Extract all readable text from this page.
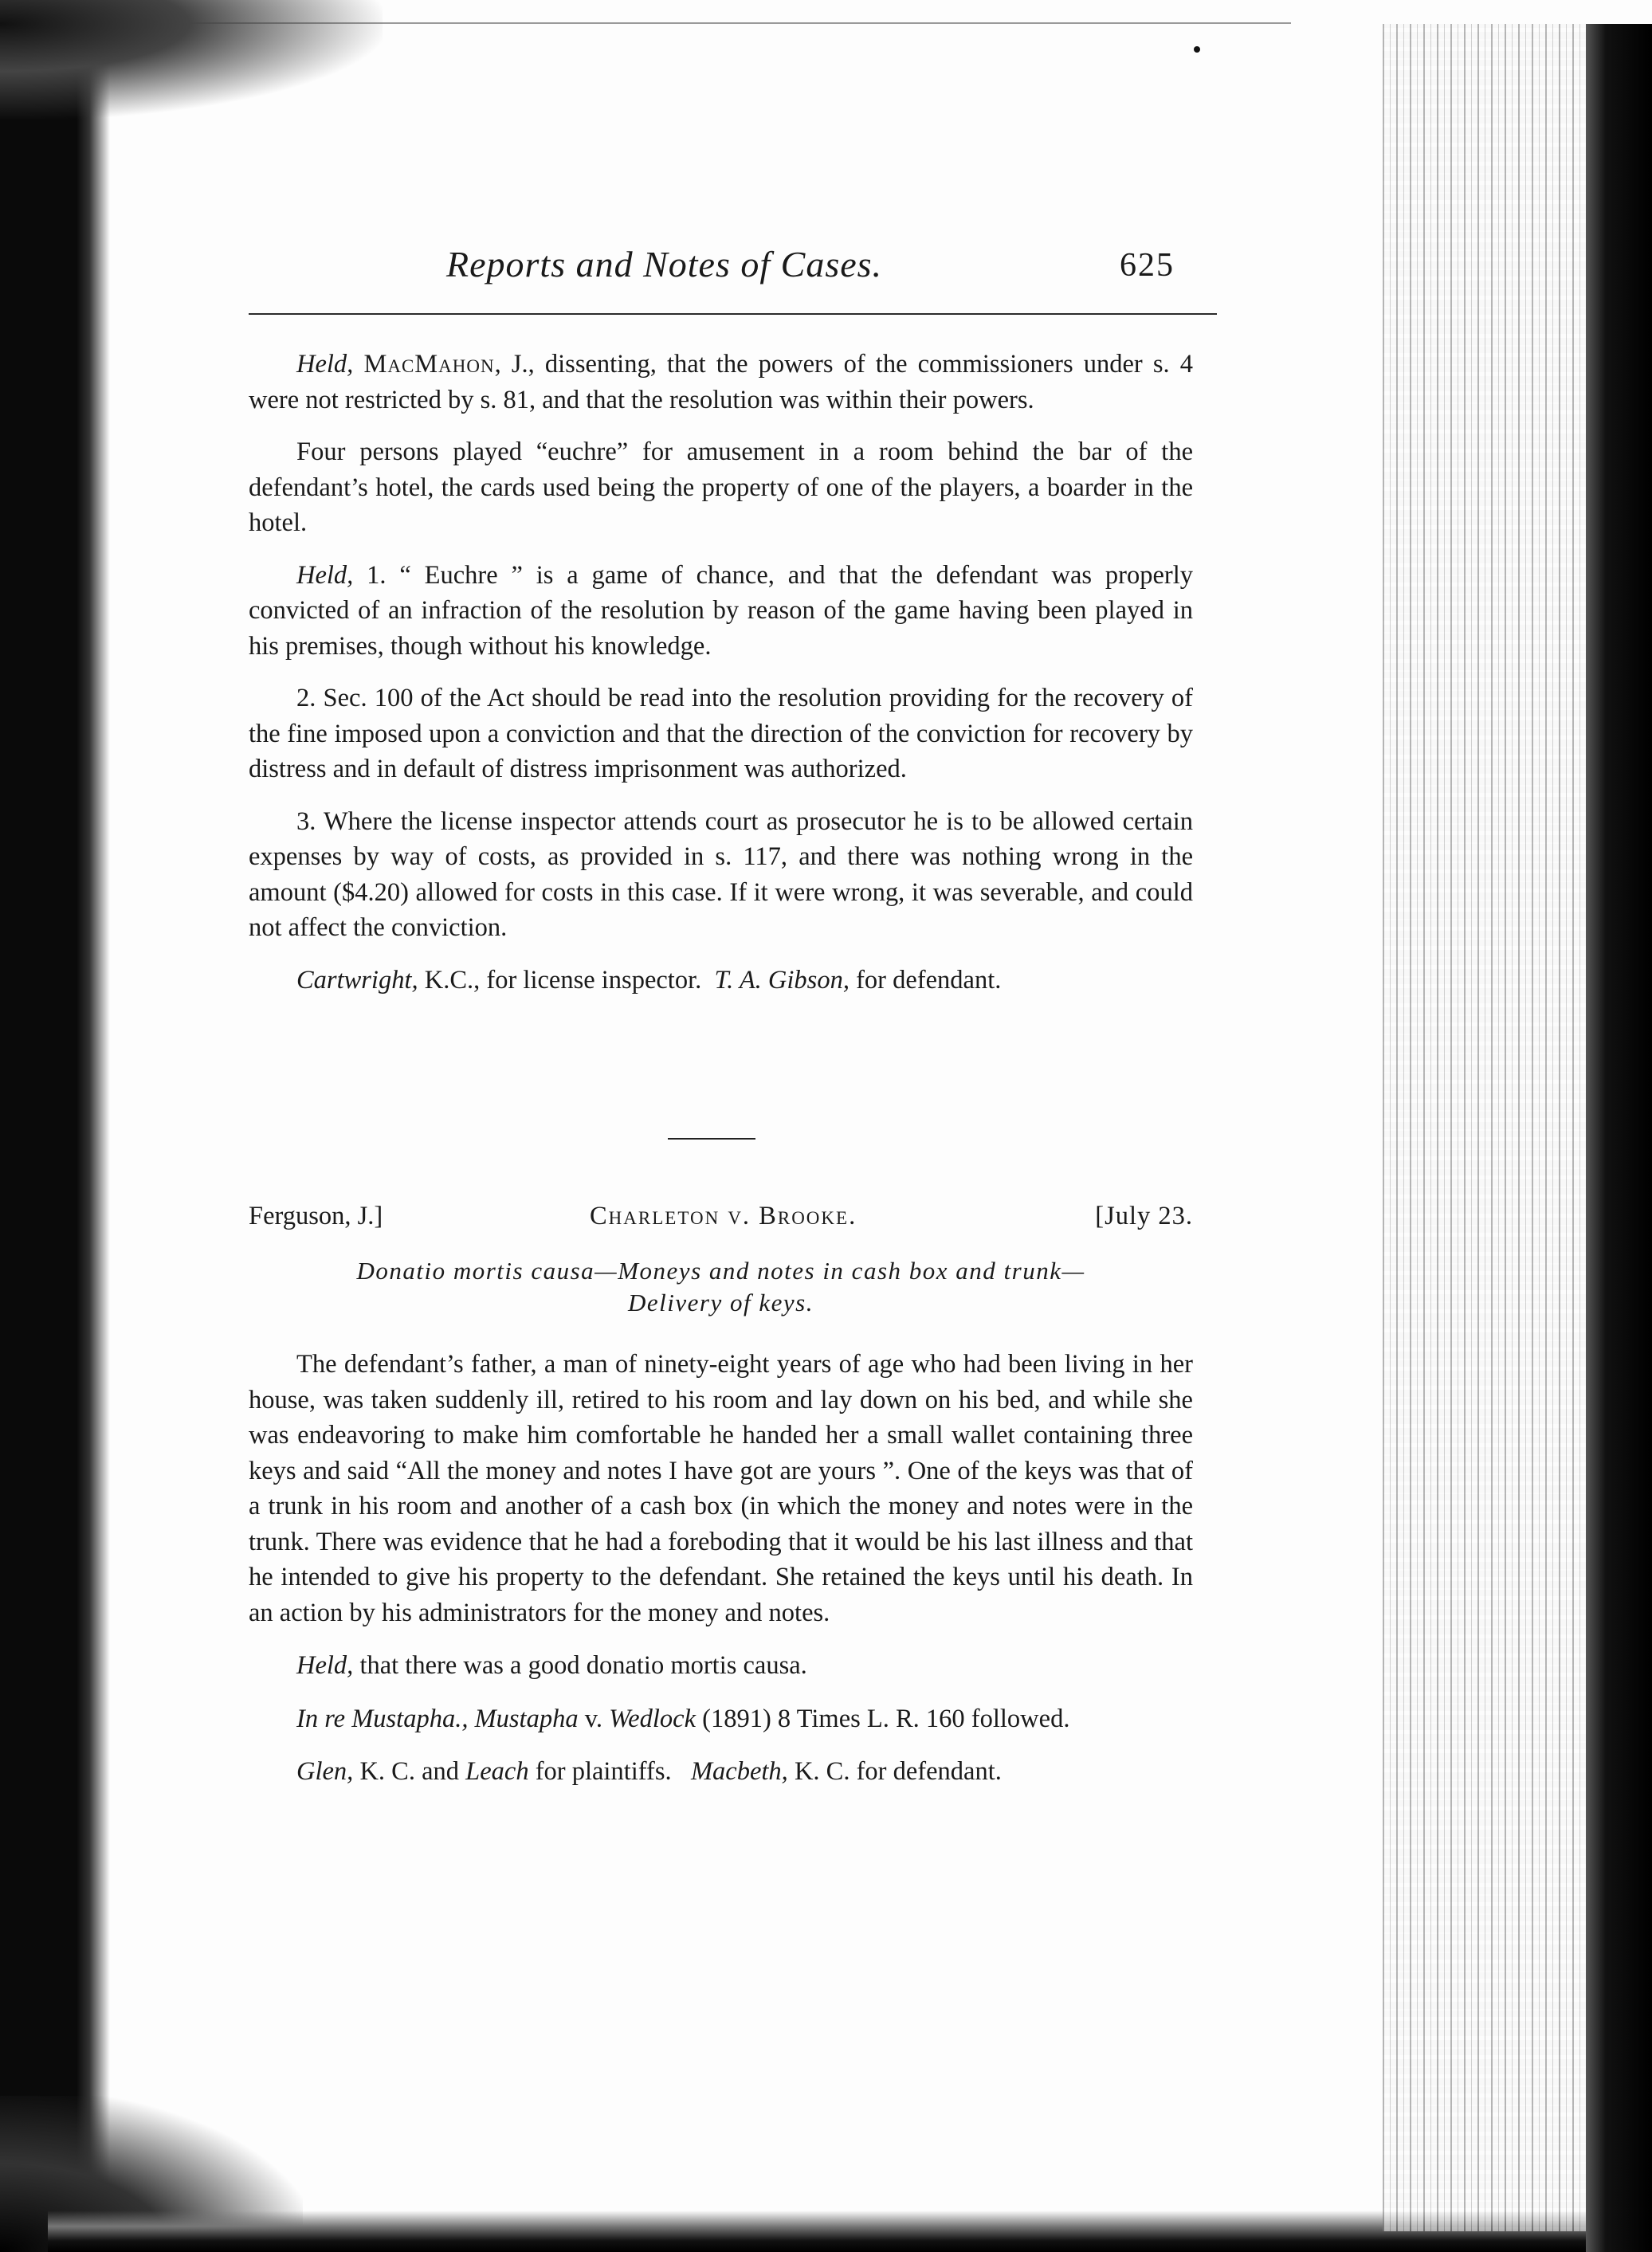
Reports and Notes of Cases.	625

Held, MacMahon, J., dissenting, that the powers of the commissioners under s. 4 were not restricted by s. 81, and that the resolution was within their powers.

Four persons played “euchre” for amusement in a room behind the bar of the defendant’s hotel, the cards used being the property of one of the players, a boarder in the hotel.

Held, 1. “ Euchre ” is a game of chance, and that the defendant was properly convicted of an infraction of the resolution by reason of the game having been played in his premises, though without his knowledge.

2. Sec. 100 of the Act should be read into the resolution providing for the recovery of the fine imposed upon a conviction and that the direction of the conviction for recovery by distress and in default of distress imprisonment was authorized.

3. Where the license inspector attends court as prosecutor he is to be allowed certain expenses by way of costs, as provided in s. 117, and there was nothing wrong in the amount ($4.20) allowed for costs in this case. If it were wrong, it was severable, and could not affect the conviction.

Cartwright, K.C., for license inspector. T. A. Gibson, for defendant.

Ferguson, J.]	Charleton v. Brooke.	[July 23.
Donatio mortis causa—Moneys and notes in cash box and trunk—
Delivery of keys.

The defendant’s father, a man of ninety-eight years of age who had been living in her house, was taken suddenly ill, retired to his room and lay down on his bed, and while she was endeavoring to make him comfortable he handed her a small wallet containing three keys and said “All the money and notes I have got are yours ”. One of the keys was that of a trunk in his room and another of a cash box (in which the money and notes were in the trunk. There was evidence that he had a foreboding that it would be his last illness and that he intended to give his property to the defendant. She retained the keys until his death. In an action by his administrators for the money and notes.

Held, that there was a good donatio mortis causa.

In re Mustapha., Mustapha v. Wedlock (1891) 8 Times L. R. 160 followed.

Glen, K. C. and Leach for plaintiffs. Macbeth, K. C. for defendant.
